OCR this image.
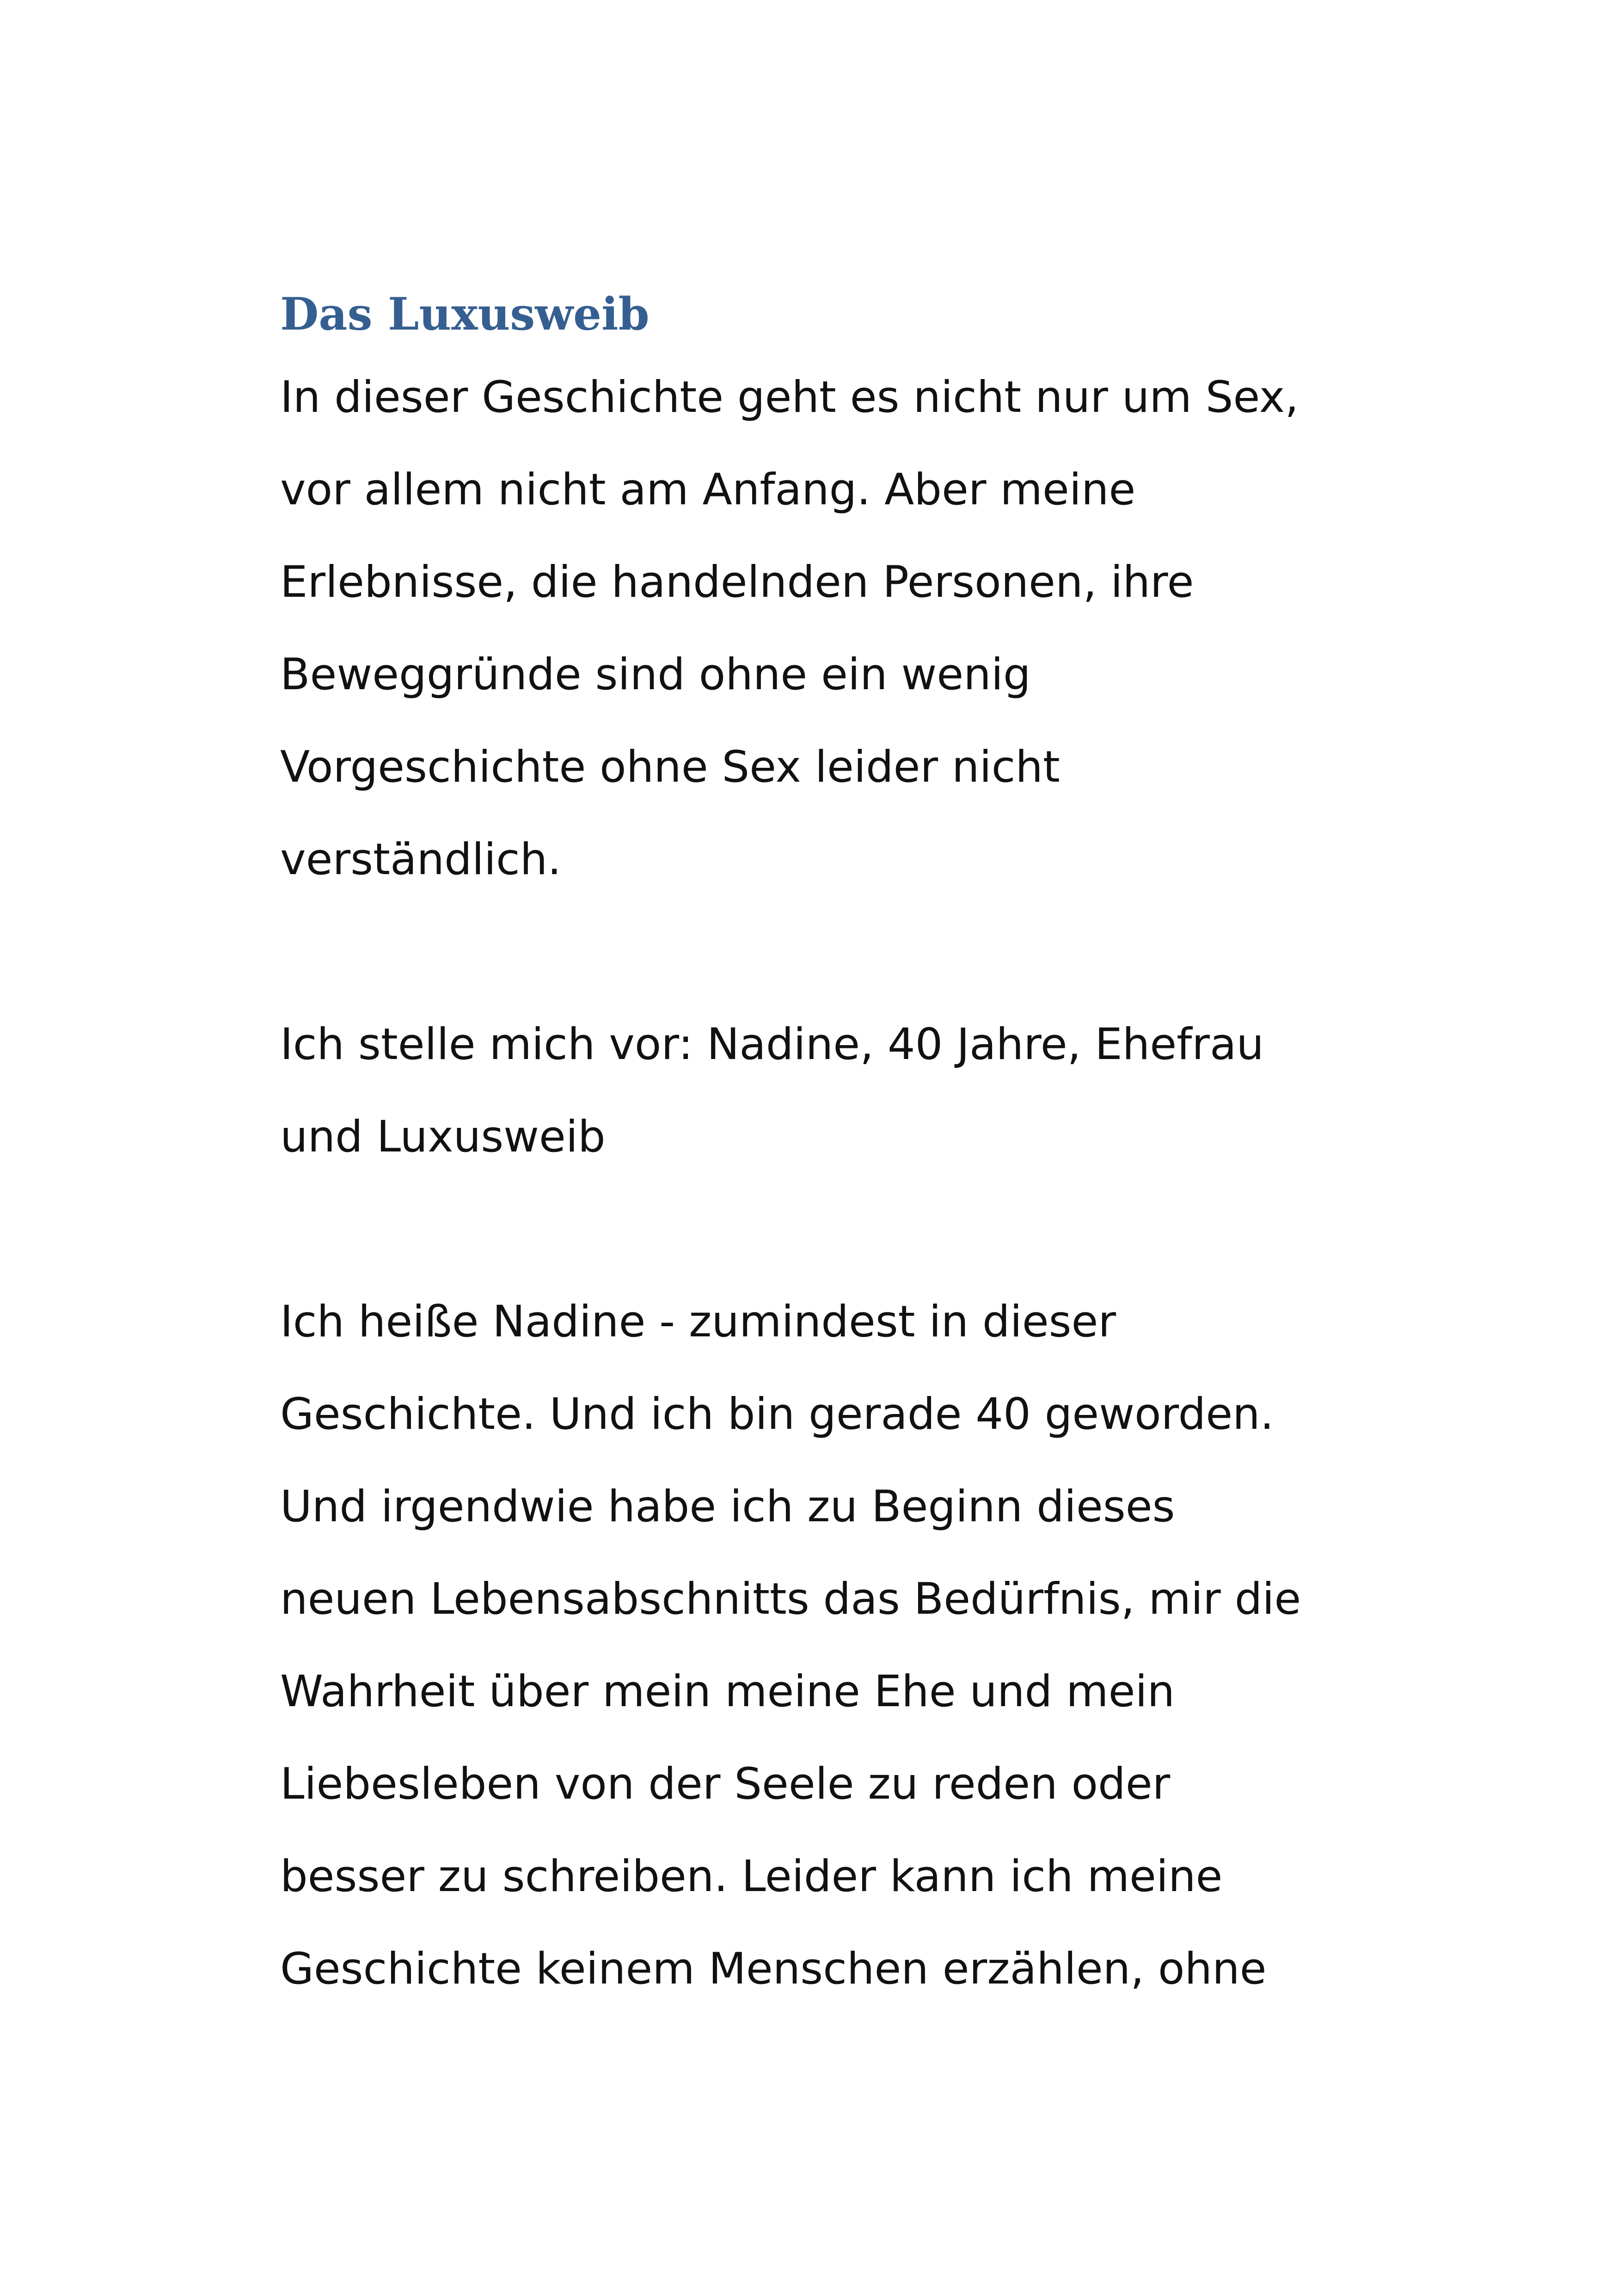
Das Luxusweib

In dieser Geschichte geht es nicht nur um Sex,

vor allem nicht am Anfang. Aber meine

Erlebnisse, die handelnden Personen, ihre

Beweggründe sind ohne ein wenig

Vorgeschichte ohne Sex leider nicht

verständlich.

Ich stelle mich vor: Nadine, 40 Jahre, Ehefrau

und Luxusweib

Ich heiße Nadine - zumindest in dieser

Geschichte. Und ich bin gerade 40 geworden.

Und irgendwie habe ich zu Beginn dieses

neuen Lebensabschnitts das Bedürfnis, mir die

Wahrheit über mein meine Ehe und mein

Liebesleben von der Seele zu reden oder

besser zu schreiben. Leider kann ich meine

Geschichte keinem Menschen erzählen, ohne
